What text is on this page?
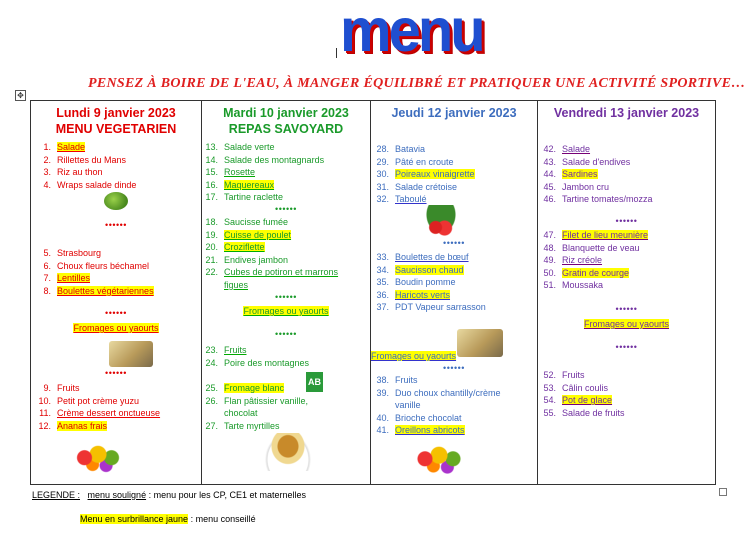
menu
PENSEZ À BOIRE DE L'EAU, À MANGER ÉQUILIBRÉ ET PRATIQUER UNE ACTIVITÉ SPORTIVE…
✥
Lundi 9 janvier 2023
MENU VEGETARIEN
1. Salade
2. Rillettes du Mans
3. Riz au thon
4. Wraps salade dinde
••••••
5. Strasbourg
6. Choux fleurs béchamel
7. Lentilles
8. Boulettes végétariennes
••••••
Fromages ou yaourts
••••••
9. Fruits
10. Petit pot crème yuzu
11. Crème dessert onctueuse
12. Ananas frais

Mardi 10 janvier 2023
REPAS SAVOYARD
13. Salade verte
14. Salade des montagnards
15. Rosette
16. Maquereaux
17. Tartine raclette
••••••
18. Saucisse fumée
19. Cuisse de poulet
20. Croziflette
21. Endives jambon
22. Cubes de potiron et marrons
figues
••••••
Fromages ou yaourts
••••••
23. Fruits
24. Poire des montagnes
25. Fromage blanc
26. Flan pâtissier vanille,
chocolat
27. Tarte myrtilles
AB

Jeudi 12 janvier 2023
28. Batavia
29. Pâté en croute
30. Poireaux vinaigrette
31. Salade crétoise
32. Taboulé
••••••
33. Boulettes de bœuf
34. Saucisson chaud
35. Boudin pomme
36. Haricots verts
37. PDT Vapeur sarrasson
Fromages ou yaourts
••••••
38. Fruits
39. Duo choux chantilly/crème
vanille
40. Brioche chocolat
41. Oreillons abricots

Vendredi 13 janvier 2023
42. Salade
43. Salade d'endives
44. Sardines
45. Jambon cru
46. Tartine tomates/mozza
••••••
47. Filet de lieu meunière
48. Blanquette de veau
49. Riz créole
50. Gratin de courge
51. Moussaka
••••••
Fromages ou yaourts
••••••
52. Fruits
53. Câlin coulis
54. Pot de glace
55. Salade de fruits
LEGENDE : menu souligné : menu pour les CP, CE1 et maternelles
Menu en surbrillance jaune : menu conseillé
